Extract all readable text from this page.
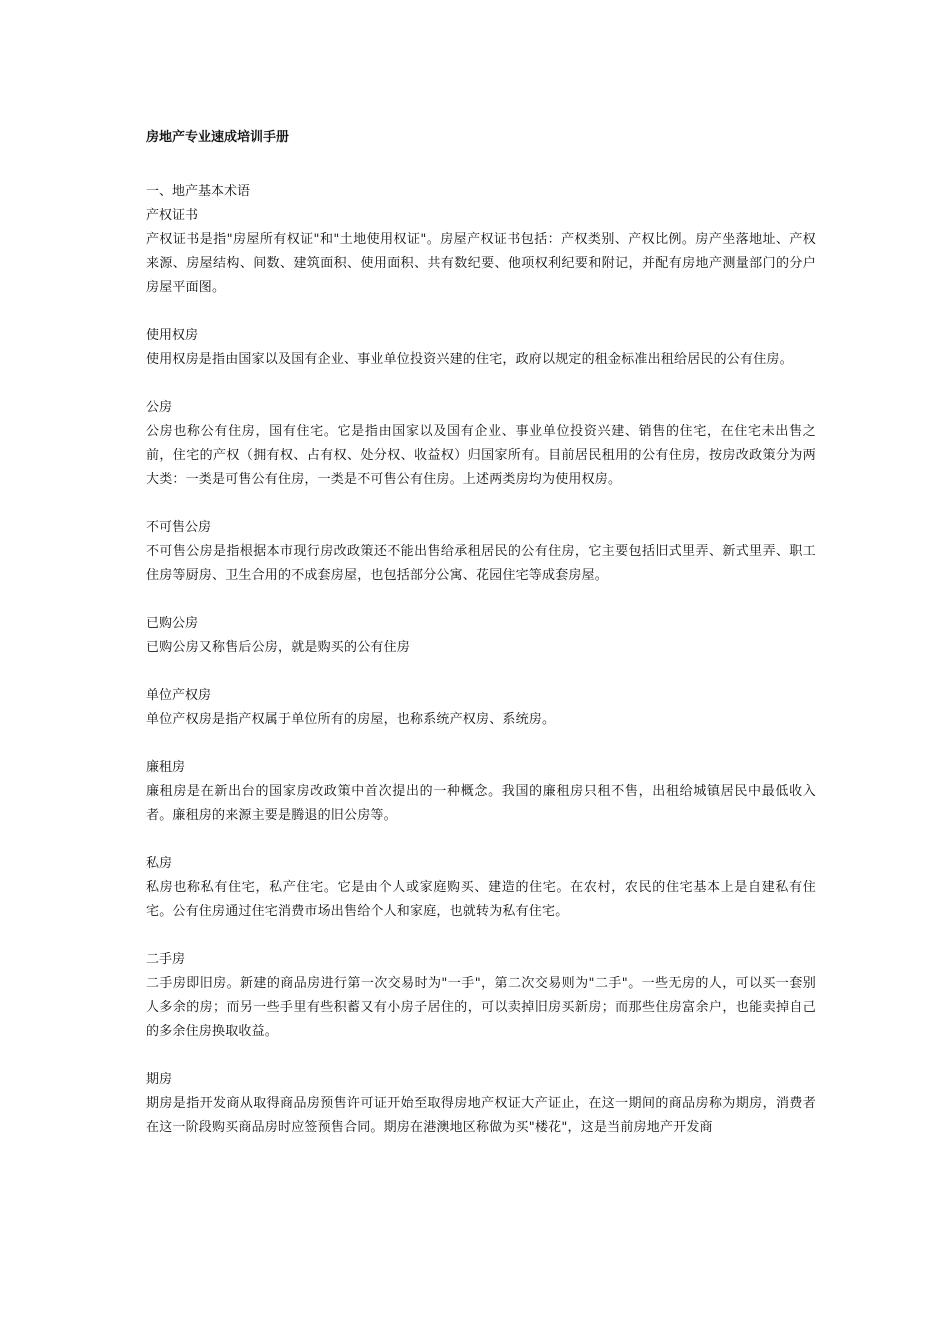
房地产专业速成培训手册

一、地产基本术语

产权证书

产权证书是指"房屋所有权证"和"土地使用权证"。房屋产权证书包括：产权类别、产权比例。房产坐落地址、产权来源、房屋结构、间数、建筑面积、使用面积、共有数纪要、他项权利纪要和附记，并配有房地产测量部门的分户房屋平面图。

使用权房

使用权房是指由国家以及国有企业、事业单位投资兴建的住宅，政府以规定的租金标准出租给居民的公有住房。

公房

公房也称公有住房，国有住宅。它是指由国家以及国有企业、事业单位投资兴建、销售的住宅，在住宅未出售之前，住宅的产权（拥有权、占有权、处分权、收益权）归国家所有。目前居民租用的公有住房，按房改政策分为两大类：一类是可售公有住房，一类是不可售公有住房。上述两类房均为使用权房。

不可售公房

不可售公房是指根据本市现行房改政策还不能出售给承租居民的公有住房，它主要包括旧式里弄、新式里弄、职工住房等厨房、卫生合用的不成套房屋，也包括部分公寓、花园住宅等成套房屋。

已购公房

已购公房又称售后公房，就是购买的公有住房

单位产权房

单位产权房是指产权属于单位所有的房屋，也称系统产权房、系统房。

廉租房

廉租房是在新出台的国家房改政策中首次提出的一种概念。我国的廉租房只租不售，出租给城镇居民中最低收入者。廉租房的来源主要是腾退的旧公房等。

私房

私房也称私有住宅，私产住宅。它是由个人或家庭购买、建造的住宅。在农村，农民的住宅基本上是自建私有住宅。公有住房通过住宅消费市场出售给个人和家庭，也就转为私有住宅。

二手房

二手房即旧房。新建的商品房进行第一次交易时为"一手"，第二次交易则为"二手"。一些无房的人，可以买一套别人多余的房；而另一些手里有些积蓄又有小房子居住的，可以卖掉旧房买新房；而那些住房富余户，也能卖掉自己的多余住房换取收益。

期房

期房是指开发商从取得商品房预售许可证开始至取得房地产权证大产证止，在这一期间的商品房称为期房，消费者在这一阶段购买商品房时应签预售合同。期房在港澳地区称做为买"楼花"，这是当前房地产开发商
